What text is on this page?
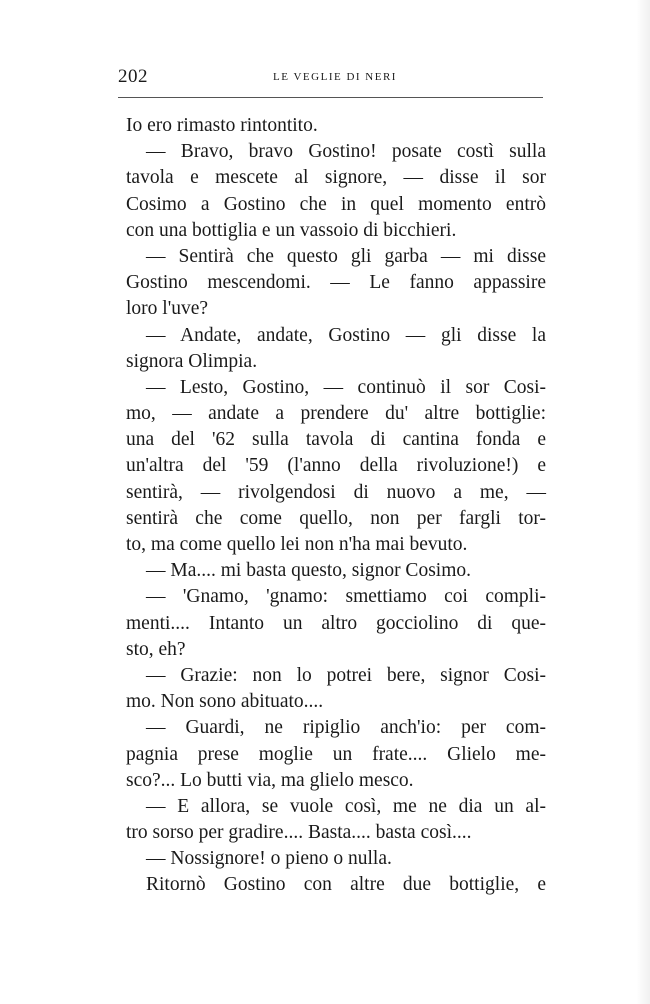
202	LE VEGLIE DI NERI
Io ero rimasto rintontito.
— Bravo, bravo Gostino! posate costì sulla
tavola e mescete al signore, — disse il sor
Cosimo a Gostino che in quel momento entrò
con una bottiglia e un vassoio di bicchieri.
— Sentirà che questo gli garba — mi disse
Gostino mescendomi. — Le fanno appassire
loro l'uve?
— Andate, andate, Gostino — gli disse la
signora Olimpia.
— Lesto, Gostino, — continuò il sor Cosi-
mo, — andate a prendere du' altre bottiglie:
una del '62 sulla tavola di cantina fonda e
un'altra del '59 (l'anno della rivoluzione!) e
sentirà, — rivolgendosi di nuovo a me, —
sentirà che come quello, non per fargli tor-
to, ma come quello lei non n'ha mai bevuto.
— Ma.... mi basta questo, signor Cosimo.
— 'Gnamo, 'gnamo: smettiamo coi compli-
menti.... Intanto un altro gocciolino di que-
sto, eh?
— Grazie: non lo potrei bere, signor Cosi-
mo. Non sono abituato....
— Guardi, ne ripiglio anch'io: per com-
pagnia prese moglie un frate.... Glielo me-
sco?... Lo butti via, ma glielo mesco.
— E allora, se vuole così, me ne dia un al-
tro sorso per gradire.... Basta.... basta così....
— Nossignore! o pieno o nulla.
Ritornò Gostino con altre due bottiglie, e
